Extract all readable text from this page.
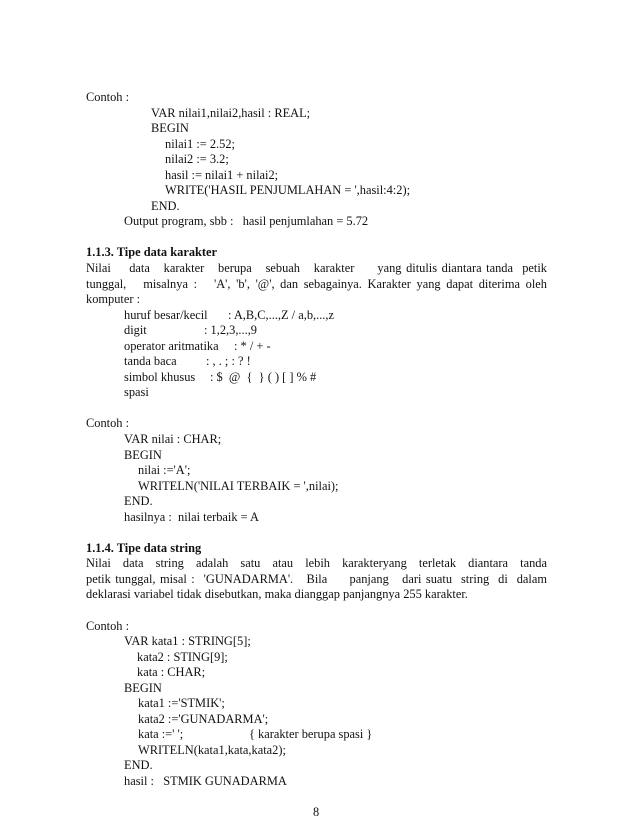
Contoh :
VAR nilai1,nilai2,hasil : REAL;
BEGIN
nilai1 := 2.52;
nilai2 := 3.2;
hasil := nilai1 + nilai2;
WRITE('HASIL PENJUMLAHAN = ',hasil:4:2);
END.
Output program, sbb :   hasil penjumlahan = 5.72
1.1.3. Tipe data karakter
Nilai    data   karakter   berupa   sebuah   karakter     yang ditulis diantara tanda  petik
tunggal,   misalnya :   'A', 'b', '@', dan sebagainya. Karakter yang dapat diterima oleh
komputer :
huruf besar/kecil : A,B,C,...,Z / a,b,...,z
digit	: 1,2,3,...,9
operator aritmatika : * / + -
tanda baca : , . ; : ? !
simbol khusus : $  @  {  } ( ) [ ] % #
spasi
Contoh :
VAR nilai : CHAR;
BEGIN
nilai :='A';
WRITELN('NILAI TERBAIK = ',nilai);
END.
hasilnya :  nilai terbaik = A
1.1.4. Tipe data string
Nilai  data  string  adalah  satu  atau  lebih  karakteryang  terletak  diantara  tanda
petik tunggal, misal :  'GUNADARMA'.   Bila     panjang   dari suatu  string  di  dalam
deklarasi variabel tidak disebutkan, maka dianggap panjangnya 255 karakter.
Contoh :
VAR kata1 : STRING[5];
kata2 : STING[9];
kata : CHAR;
BEGIN
kata1 :='STMIK';
kata2 :='GUNADARMA';
kata :=' ';	{ karakter berupa spasi }
WRITELN(kata1,kata,kata2);
END.
hasil :   STMIK GUNADARMA
8
